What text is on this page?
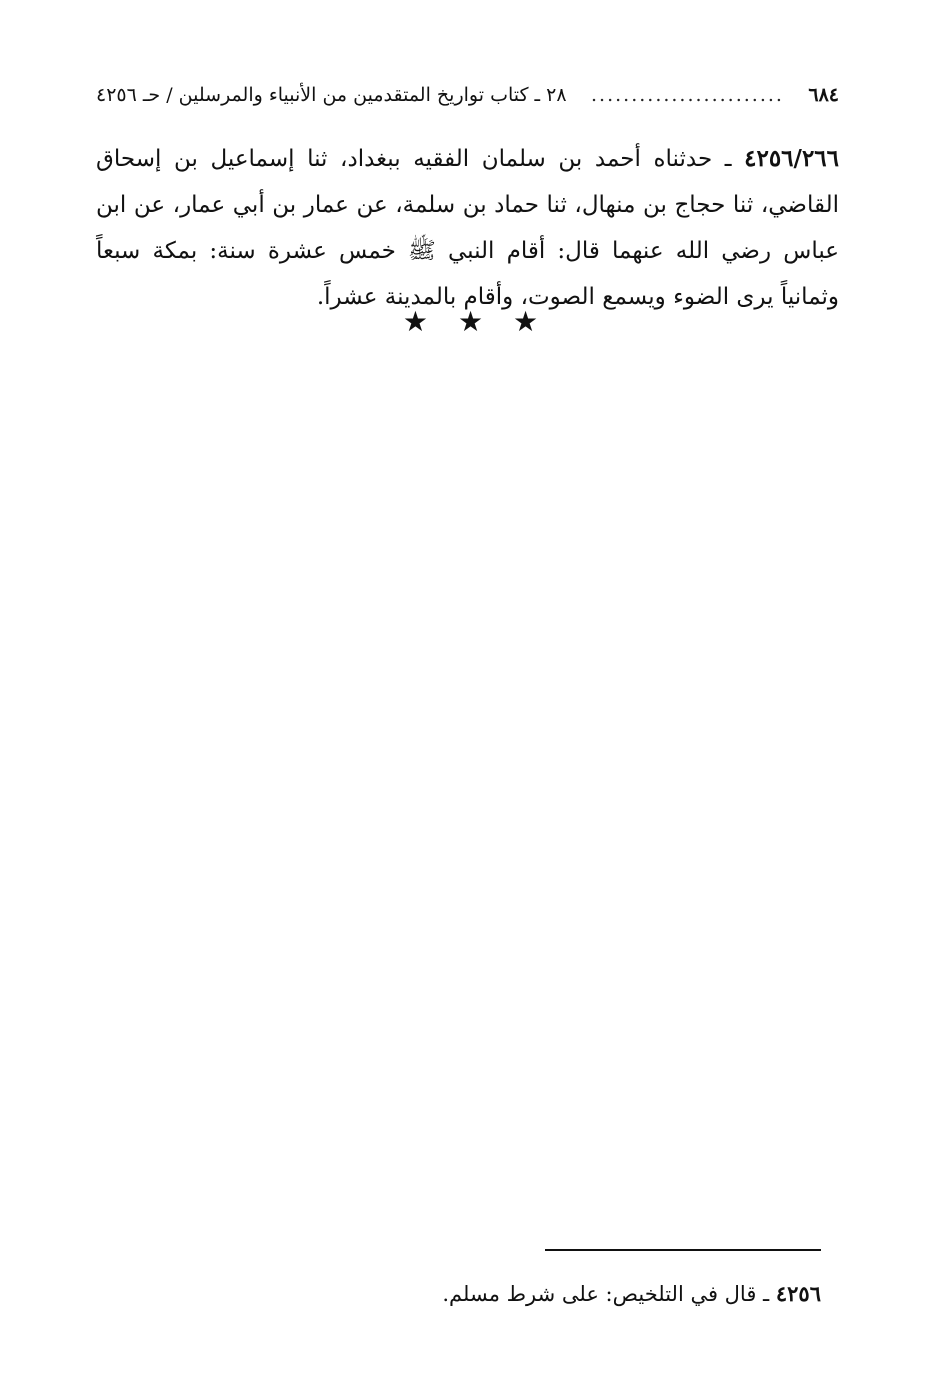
٦٨٤
........................
٢٨ ـ كتاب تواريخ المتقدمين من الأنبياء والمرسلين / حـ ٤٢٥٦
٤٢٥٦/٢٦٦ ـ حدثناه أحمد بن سلمان الفقيه ببغداد، ثنا إسماعيل بن إسحاق القاضي، ثنا حجاج بن منهال، ثنا حماد بن سلمة، عن عمار بن أبي عمار، عن ابن عباس رضي الله عنهما قال: أقام النبي ﷺ خمس عشرة سنة: بمكة سبعاً وثمانياً يرى الضوء ويسمع الصوت، وأقام بالمدينة عشراً.
★★★
٤٢٥٦ ـ قال في التلخيص: على شرط مسلم.
